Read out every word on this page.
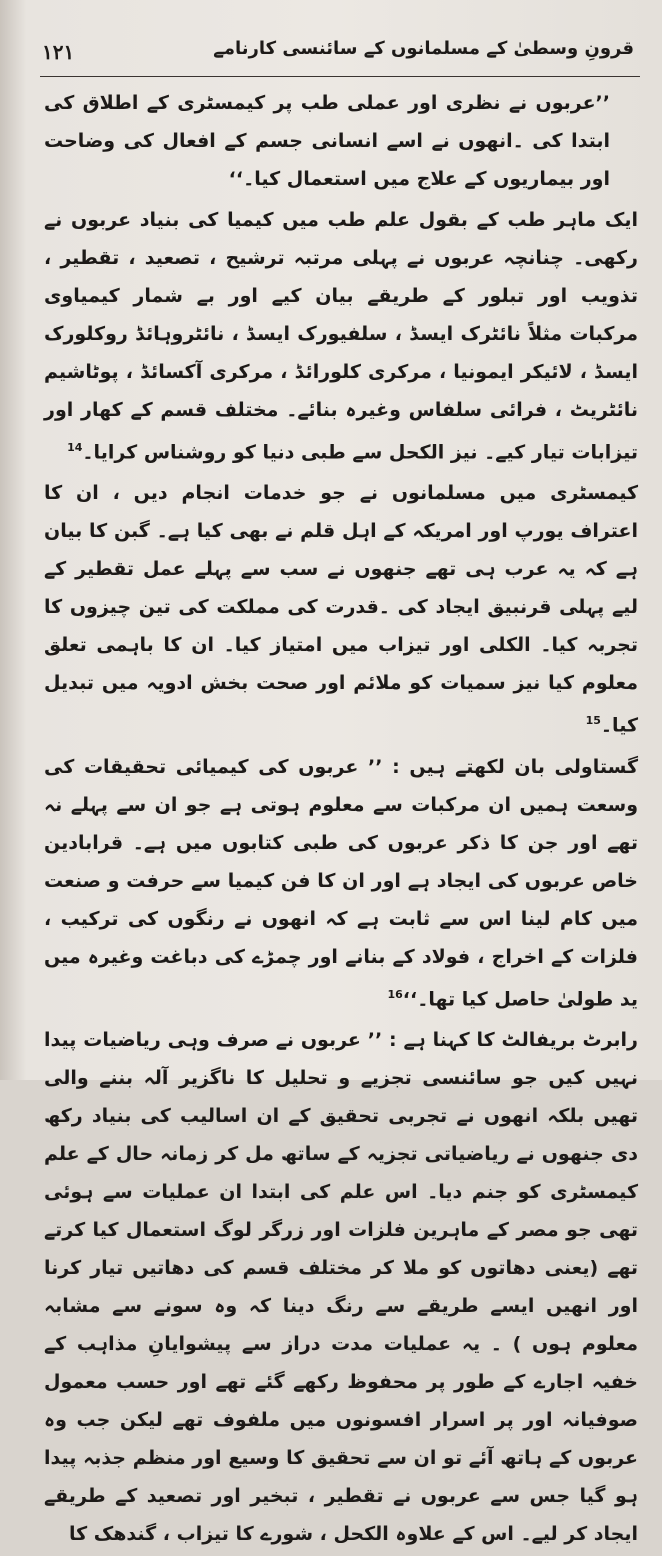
۱۲۱	قرونِ وسطیٰ کے مسلمانوں کے سائنسی کارنامے

’’عربوں نے نظری اور عملی طب پر کیمسٹری کے اطلاق کی ابتدا کی ۔انھوں نے اسے انسانی جسم کے افعال کی وضاحت اور بیماریوں کے علاج میں استعمال کیا۔‘‘

ایک ماہر طب کے بقول علم طب میں کیمیا کی بنیاد عربوں نے رکھی۔ چنانچہ عربوں نے پہلی مرتبہ ترشیح ، تصعید ، تقطیر ، تذویب اور تبلور کے طریقے بیان کیے اور بے شمار کیمیاوی مرکبات مثلاً نائٹرک ایسڈ ، سلفیورک ایسڈ ، نائٹروہائڈ روکلورک ایسڈ ، لائیکر ایمونیا ، مرکری کلورائڈ ، مرکری آکسائڈ ، پوٹاشیم نائٹریٹ ، فرائی سلفاس وغیرہ بنائے۔ مختلف قسم کے کھار اور تیزابات تیار کیے۔ نیز الکحل سے طبی دنیا کو روشناس کرایا۔$^{14}$

کیمسٹری میں مسلمانوں نے جو خدمات انجام دیں ، ان کا اعتراف یورپ اور امریکہ کے اہل قلم نے بھی کیا ہے۔ گبن کا بیان ہے کہ یہ عرب ہی تھے جنھوں نے سب سے پہلے عمل تقطیر کے لیے پہلی قرنبیق ایجاد کی ۔قدرت کی مملکت کی تین چیزوں کا تجربہ کیا۔ الکلی اور تیزاب میں امتیاز کیا۔ ان کا باہمی تعلق معلوم کیا نیز سمیات کو ملائم اور صحت بخش ادویہ میں تبدیل کیا۔$^{15}$

گستاولی بان لکھتے ہیں : ’’ عربوں کی کیمیائی تحقیقات کی وسعت ہمیں ان مرکبات سے معلوم ہوتی ہے جو ان سے پہلے نہ تھے اور جن کا ذکر عربوں کی طبی کتابوں میں ہے۔ قرابادین خاص عربوں کی ایجاد ہے اور ان کا فن کیمیا سے حرفت و صنعت میں کام لینا اس سے ثابت ہے کہ انھوں نے رنگوں کی ترکیب ، فلزات کے اخراج ، فولاد کے بنانے اور چمڑے کی دباغت وغیرہ میں ید طولیٰ حاصل کیا تھا۔‘‘$^{16}$

رابرٹ بریفالٹ کا کہنا ہے : ’’ عربوں نے صرف وہی ریاضیات پیدا نہیں کیں جو سائنسی تجزیے و تحلیل کا ناگزیر آلہ بننے والی تھیں بلکہ انھوں نے تجربی تحقیق کے ان اسالیب کی بنیاد رکھ دی جنھوں نے ریاضیاتی تجزیہ کے ساتھ مل کر زمانہ حال کے علم کیمسٹری کو جنم دیا۔ اس علم کی ابتدا ان عملیات سے ہوئی تھی جو مصر کے ماہرین فلزات اور زرگر لوگ استعمال کیا کرتے تھے (یعنی دھاتوں کو ملا کر مختلف قسم کی دھاتیں تیار کرنا اور انھیں ایسے طریقے سے رنگ دینا کہ وہ سونے سے مشابہ معلوم ہوں ) ۔ یہ عملیات مدت دراز سے پیشوایانِ مذاہب کے خفیہ اجارے کے طور پر محفوظ رکھے گئے تھے اور حسب معمول صوفیانہ اور پر اسرار افسونوں میں ملفوف تھے لیکن جب وہ عربوں کے ہاتھ آئے تو ان سے تحقیق کا وسیع اور منظم جذبہ پیدا ہو گیا جس سے عربوں نے تقطیر ، تبخیر اور تصعید کے طریقے ایجاد کر لیے۔ اس کے علاوہ الکحل ، شورے کا تیزاب ، گندھک کا
